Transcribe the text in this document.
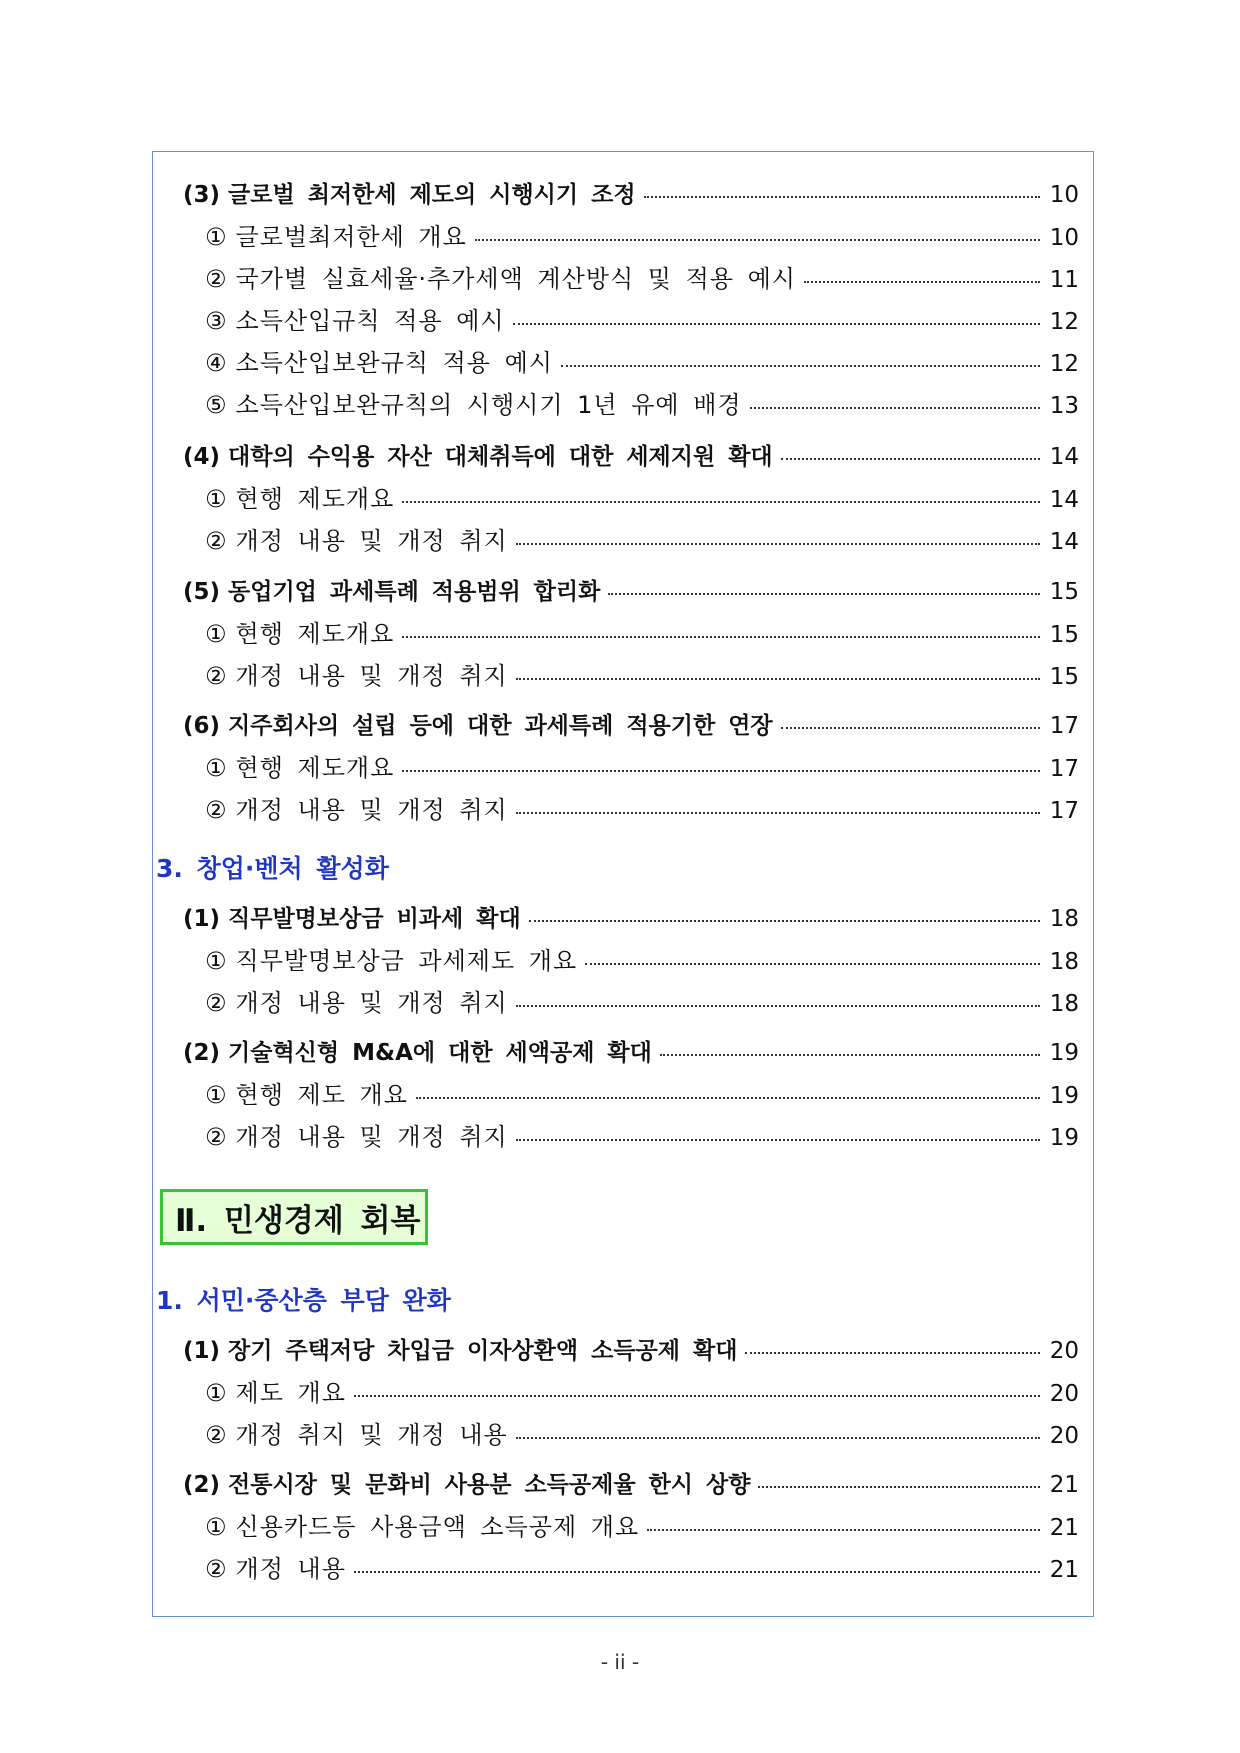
(3) 글로벌 최저한세 제도의 시행시기 조정	10
① 글로벌최저한세 개요	10
② 국가별 실효세율·추가세액 계산방식 및 적용 예시	11
③ 소득산입규칙 적용 예시	12
④ 소득산입보완규칙 적용 예시	12
⑤ 소득산입보완규칙의 시행시기 1년 유예 배경	13
(4) 대학의 수익용 자산 대체취득에 대한 세제지원 확대	14
① 현행 제도개요	14
② 개정 내용 및 개정 취지	14
(5) 동업기업 과세특례 적용범위 합리화	15
① 현행 제도개요	15
② 개정 내용 및 개정 취지	15
(6) 지주회사의 설립 등에 대한 과세특례 적용기한 연장	17
① 현행 제도개요	17
② 개정 내용 및 개정 취지	17
3. 창업·벤처 활성화
(1) 직무발명보상금 비과세 확대	18
① 직무발명보상금 과세제도 개요	18
② 개정 내용 및 개정 취지	18
(2) 기술혁신형 M&A에 대한 세액공제 확대	19
① 현행 제도 개요	19
② 개정 내용 및 개정 취지	19
Ⅱ. 민생경제 회복
1. 서민·중산층 부담 완화
(1) 장기 주택저당 차입금 이자상환액 소득공제 확대	20
① 제도 개요	20
② 개정 취지 및 개정 내용	20
(2) 전통시장 및 문화비 사용분 소득공제율 한시 상향	21
① 신용카드등 사용금액 소득공제 개요	21
② 개정 내용	21
- ii -
